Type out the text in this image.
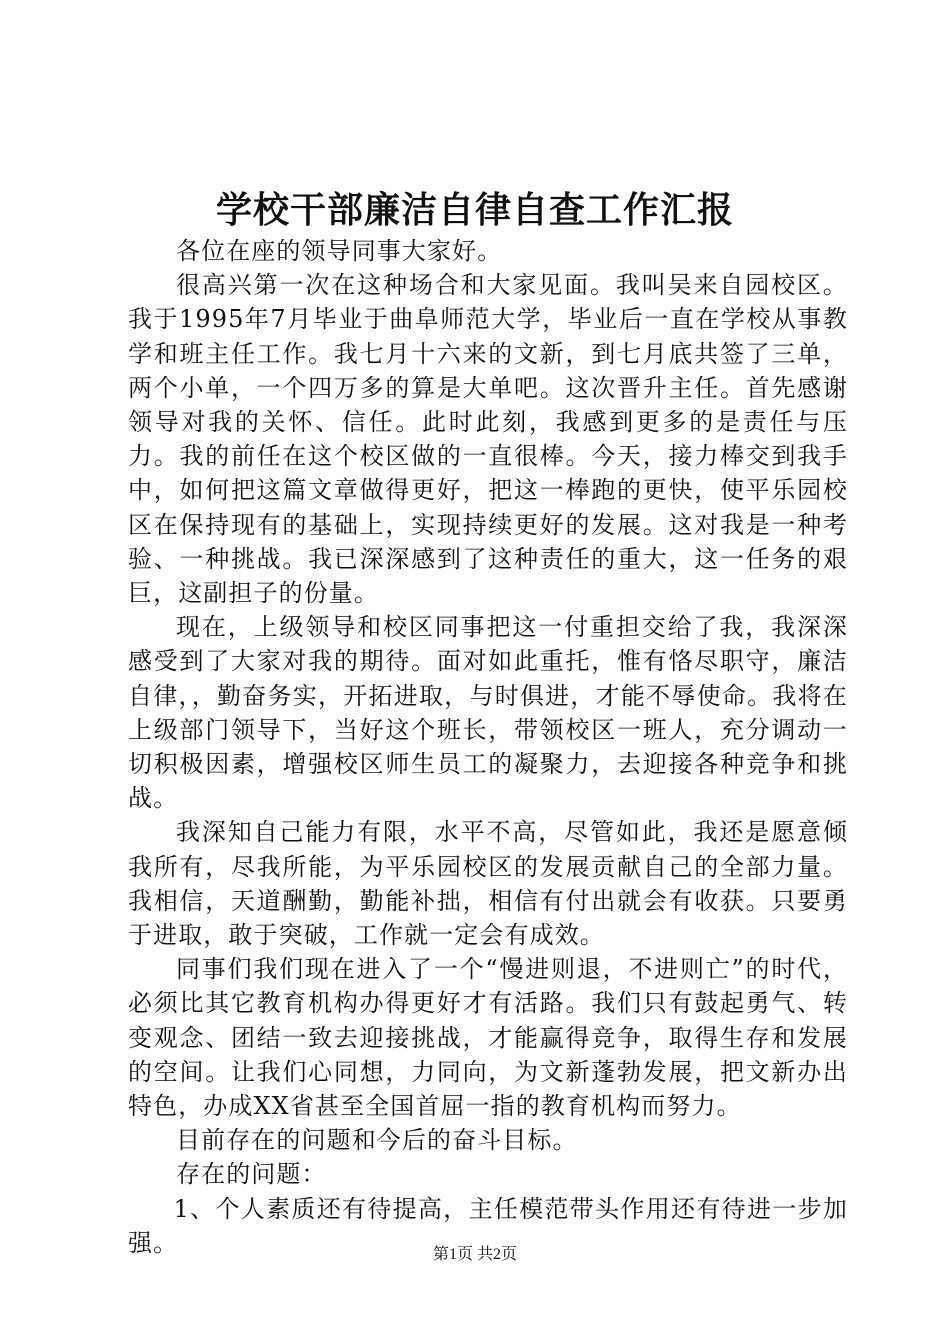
学校干部廉洁自律自查工作汇报

各位在座的领导同事大家好。

很高兴第一次在这种场合和大家见面。我叫吴来自园校区。我于1995年7月毕业于曲阜师范大学，毕业后一直在学校从事教学和班主任工作。我七月十六来的文新，到七月底共签了三单，两个小单，一个四万多的算是大单吧。这次晋升主任。首先感谢领导对我的关怀、信任。此时此刻，我感到更多的是责任与压力。我的前任在这个校区做的一直很棒。今天，接力棒交到我手中，如何把这篇文章做得更好，把这一棒跑的更快，使平乐园校区在保持现有的基础上，实现持续更好的发展。这对我是一种考验、一种挑战。我已深深感到了这种责任的重大，这一任务的艰巨，这副担子的份量。

现在，上级领导和校区同事把这一付重担交给了我，我深深感受到了大家对我的期待。面对如此重托，惟有恪尽职守，廉洁自律，，勤奋务实，开拓进取，与时俱进，才能不辱使命。我将在上级部门领导下，当好这个班长，带领校区一班人，充分调动一切积极因素，增强校区师生员工的凝聚力，去迎接各种竞争和挑战。

我深知自己能力有限，水平不高，尽管如此，我还是愿意倾我所有，尽我所能，为平乐园校区的发展贡献自己的全部力量。我相信，天道酬勤，勤能补拙，相信有付出就会有收获。只要勇于进取，敢于突破，工作就一定会有成效。

同事们我们现在进入了一个“慢进则退，不进则亡”的时代，必须比其它教育机构办得更好才有活路。我们只有鼓起勇气、转变观念、团结一致去迎接挑战，才能赢得竞争，取得生存和发展的空间。让我们心同想，力同向，为文新蓬勃发展，把文新办出特色，办成XX省甚至全国首屈一指的教育机构而努力。

目前存在的问题和今后的奋斗目标。

存在的问题：

1、个人素质还有待提高，主任模范带头作用还有待进一步加强。	第1页 共2页
